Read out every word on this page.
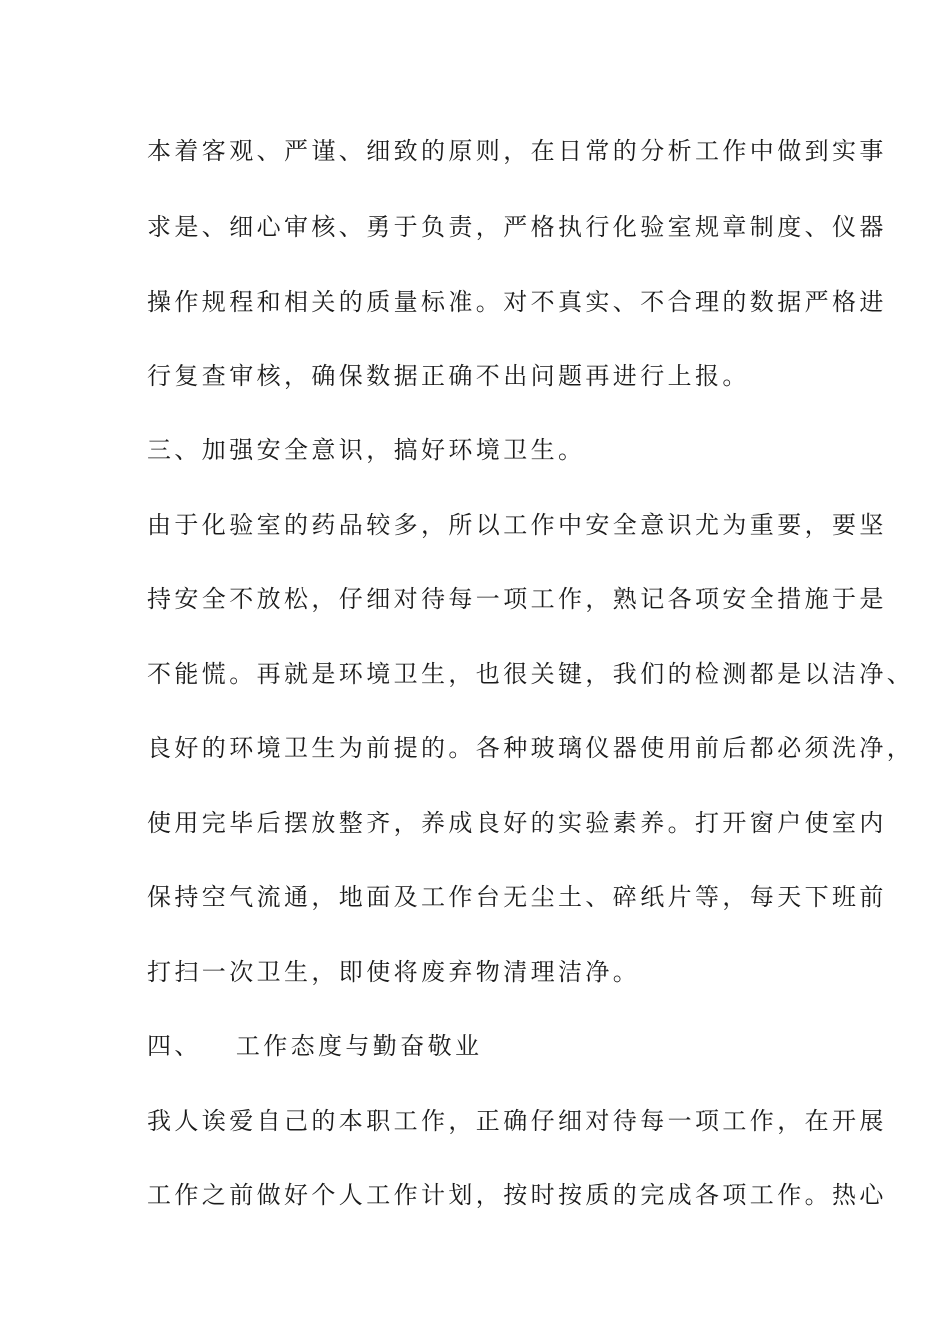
本着客观、严谨、细致的原则，在日常的分析工作中做到实事
求是、细心审核、勇于负责，严格执行化验室规章制度、仪器
操作规程和相关的质量标准。对不真实、不合理的数据严格进
行复查审核，确保数据正确不出问题再进行上报。
三、加强安全意识，搞好环境卫生。
由于化验室的药品较多，所以工作中安全意识尤为重要，要坚
持安全不放松，仔细对待每一项工作，熟记各项安全措施于是
不能慌。再就是环境卫生，也很关键，我们的检测都是以洁净、
良好的环境卫生为前提的。各种玻璃仪器使用前后都必须洗净，
使用完毕后摆放整齐，养成良好的实验素养。打开窗户使室内
保持空气流通，地面及工作台无尘土、碎纸片等，每天下班前
打扫一次卫生，即使将废弃物清理洁净。
四、 工作态度与勤奋敬业
我人诶爱自己的本职工作，正确仔细对待每一项工作，在开展
工作之前做好个人工作计划，按时按质的完成各项工作。热心
